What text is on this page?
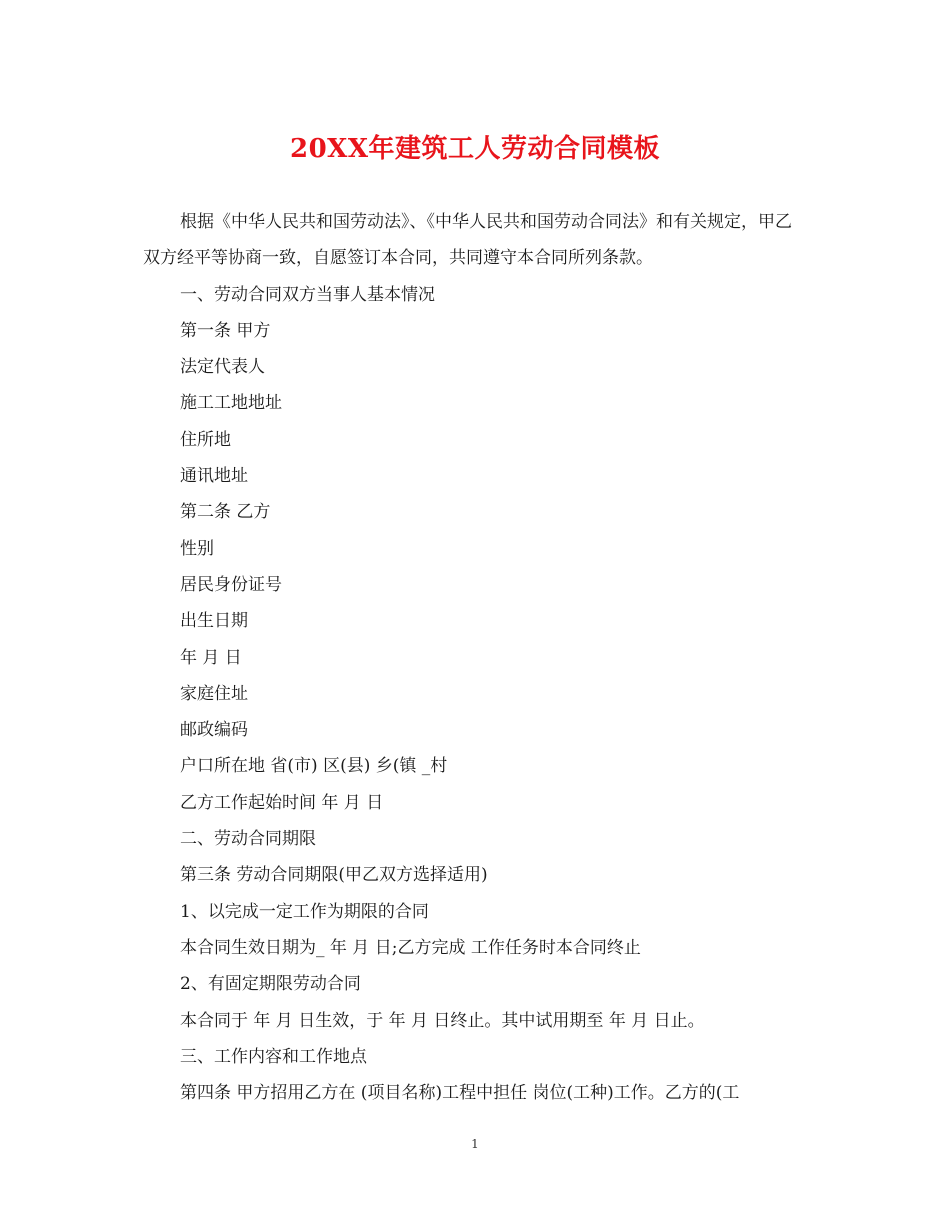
20XX年建筑工人劳动合同模板

根据《中华人民共和国劳动法》、《中华人民共和国劳动合同法》和有关规定，甲乙双方经平等协商一致，自愿签订本合同，共同遵守本合同所列条款。

一、劳动合同双方当事人基本情况

第一条 甲方

法定代表人

施工工地地址

住所地

通讯地址

第二条 乙方

性别

居民身份证号

出生日期

年 月 日

家庭住址

邮政编码

户口所在地 省(市) 区(县) 乡(镇 _村

乙方工作起始时间 年 月 日

二、劳动合同期限

第三条 劳动合同期限(甲乙双方选择适用)

1、以完成一定工作为期限的合同

本合同生效日期为_ 年 月 日;乙方完成 工作任务时本合同终止

2、有固定期限劳动合同

本合同于 年 月 日生效，于 年 月 日终止。其中试用期至 年 月 日止。

三、工作内容和工作地点

第四条 甲方招用乙方在 (项目名称)工程中担任 岗位(工种)工作。乙方的(工

1
